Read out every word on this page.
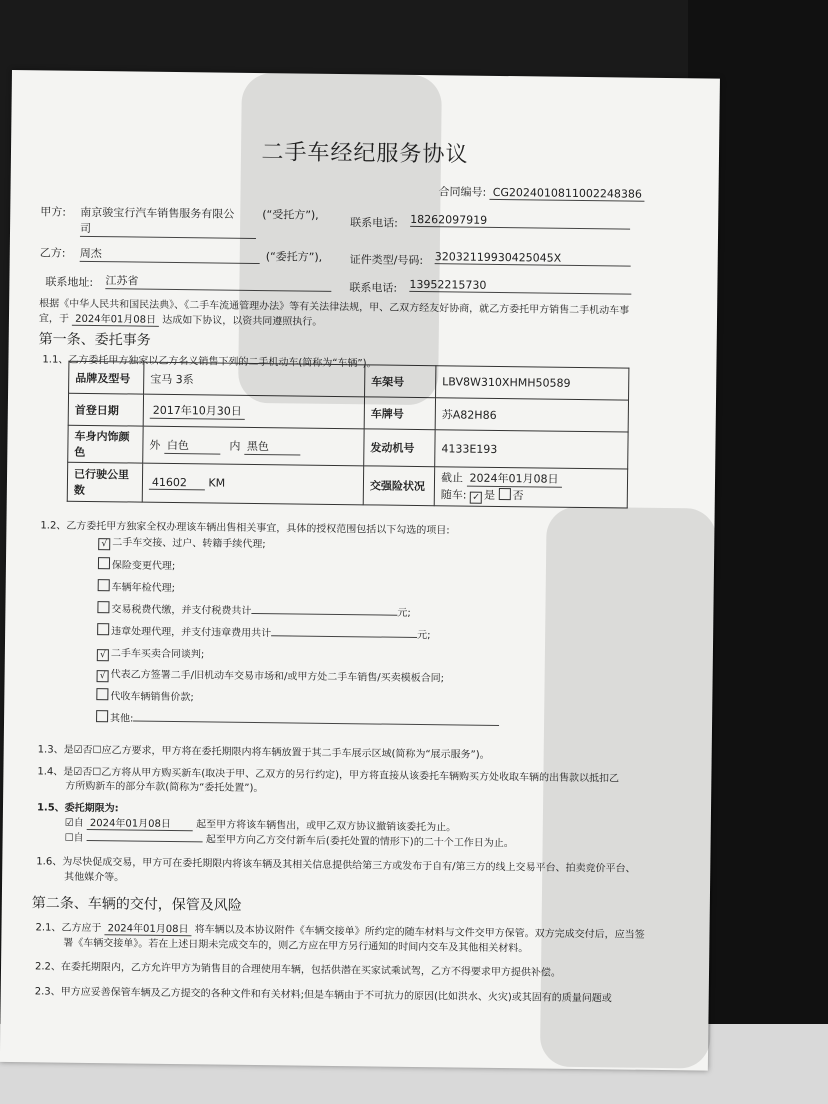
二手车经纪服务协议
合同编号: CG2024010811002248386
甲方: 南京骏宝行汽车销售服务有限公
司
(“受托方”),
联系电话: 18262097919
乙方: 周杰	(“委托方”), 证件类型/号码: 32032119930425045X
联系地址: 江苏省
联系电话: 13952215730
根据《中华人民共和国民法典》、《二手车流通管理办法》等有关法律法规，甲、乙双方经友好协商，就乙方委托甲方销售二手机动车事
宜，于 2024年01月08日 达成如下协议，以资共同遵照执行。
第一条、委托事务
1.1、乙方委托甲方独家以乙方名义销售下列的二手机动车(简称为“车辆”)。
品牌及型号	宝马 3系	车架号	LBV8W310XHMH50589
首登日期	2017年10月30日	车牌号	苏A82H86
车身内饰颜色	外 白色 内 黑色	发动机号	4133E193
已行驶公里数	41602 KM	交强险状况	截止 2024年01月08日
随车: ✓ 是 否
1.2、乙方委托甲方独家全权办理该车辆出售相关事宜，具体的授权范围包括以下勾选的项目:
√ 二手车交接、过户、转籍手续代理;
保险变更代理;
车辆年检代理;
交易税费代缴，并支付税费共计	元;
违章处理代理，并支付违章费用共计	元;
√ 二手车买卖合同谈判;
√ 代表乙方签署二手/旧机动车交易市场和/或甲方处二手车销售/买卖模板合同;
代收车辆销售价款;
其他:
1.3、是☑否☐应乙方要求，甲方将在委托期限内将车辆放置于其二手车展示区域(简称为“展示服务”)。
1.4、是☑否☐乙方将从甲方购买新车(取决于甲、乙双方的另行约定)，甲方将直接从该委托车辆购买方处收取车辆的出售款以抵扣乙
方所购新车的部分车款(简称为“委托处置”)。
1.5、委托期限为:
☑自 2024年01月08日	起至甲方将该车辆售出，或甲乙双方协议撤销该委托为止。
☐自	起至甲方向乙方交付新车后(委托处置的情形下)的二十个工作日为止。
1.6、为尽快促成交易，甲方可在委托期限内将该车辆及其相关信息提供给第三方或发布于自有/第三方的线上交易平台、拍卖竞价平台、
其他媒介等。
第二条、车辆的交付，保管及风险
2.1、乙方应于 2024年01月08日 将车辆以及本协议附件《车辆交接单》所约定的随车材料与文件交甲方保管。双方完成交付后，应当签
署《车辆交接单》。若在上述日期未完成交车的，则乙方应在甲方另行通知的时间内交车及其他相关材料。
2.2、在委托期限内，乙方允许甲方为销售目的合理使用车辆，包括供潜在买家试乘试驾，乙方不得要求甲方提供补偿。
2.3、甲方应妥善保管车辆及乙方提交的各种文件和有关材料;但是车辆由于不可抗力的原因(比如洪水、火灾)或其固有的质量问题或
